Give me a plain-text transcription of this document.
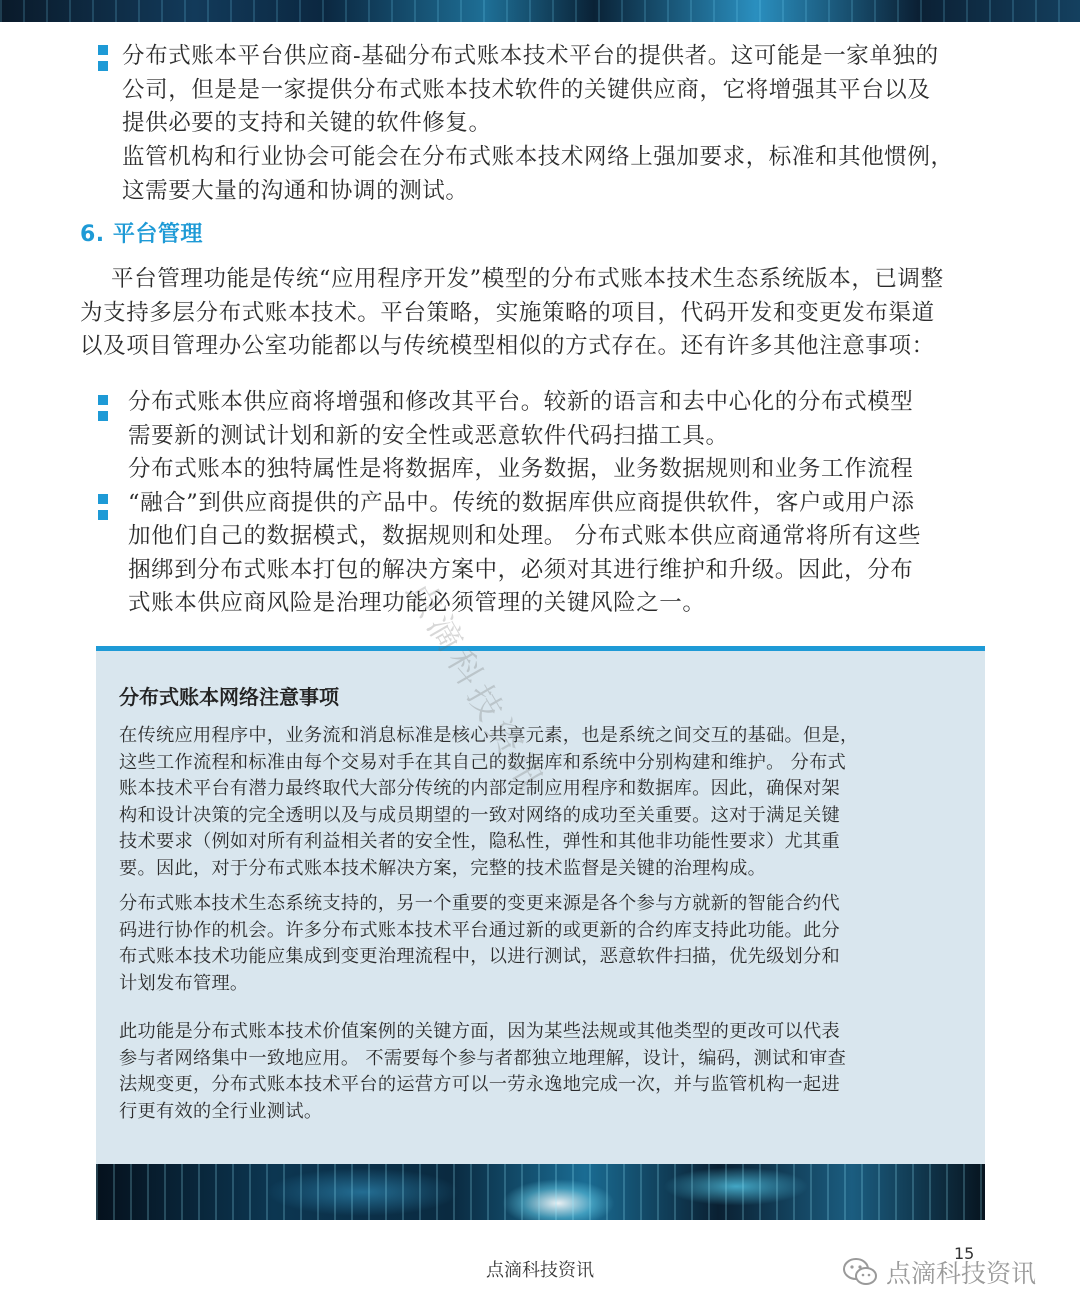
分布式账本平台供应商-基础分布式账本技术平台的提供者。这可能是一家单独的
公司，但是是一家提供分布式账本技术软件的关键供应商，它将增强其平台以及
提供必要的支持和关键的软件修复。

监管机构和行业协会可能会在分布式账本技术网络上强加要求，标准和其他惯例，
这需要大量的沟通和协调的测试。

6. 平台管理

平台管理功能是传统“应用程序开发”模型的分布式账本技术生态系统版本，已调整
为支持多层分布式账本技术。平台策略，实施策略的项目，代码开发和变更发布渠道
以及项目管理办公室功能都以与传统模型相似的方式存在。还有许多其他注意事项：

分布式账本供应商将增强和修改其平台。较新的语言和去中心化的分布式模型
需要新的测试计划和新的安全性或恶意软件代码扫描工具。

分布式账本的独特属性是将数据库，业务数据，业务数据规则和业务工作流程
“融合”到供应商提供的产品中。传统的数据库供应商提供软件，客户或用户添
加他们自己的数据模式，数据规则和处理。 分布式账本供应商通常将所有这些
捆绑到分布式账本打包的解决方案中，必须对其进行维护和升级。因此，分布
式账本供应商风险是治理功能必须管理的关键风险之一。

分布式账本网络注意事项

在传统应用程序中，业务流和消息标准是核心共享元素，也是系统之间交互的基础。但是，
这些工作流程和标准由每个交易对手在其自己的数据库和系统中分别构建和维护。 分布式
账本技术平台有潜力最终取代大部分传统的内部定制应用程序和数据库。因此，确保对架
构和设计决策的完全透明以及与成员期望的一致对网络的成功至关重要。这对于满足关键
技术要求（例如对所有利益相关者的安全性，隐私性，弹性和其他非功能性要求）尤其重
要。因此，对于分布式账本技术解决方案，完整的技术监督是关键的治理构成。

分布式账本技术生态系统支持的，另一个重要的变更来源是各个参与方就新的智能合约代
码进行协作的机会。许多分布式账本技术平台通过新的或更新的合约库支持此功能。此分
布式账本技术功能应集成到变更治理流程中，以进行测试，恶意软件扫描，优先级划分和
计划发布管理。

此功能是分布式账本技术价值案例的关键方面，因为某些法规或其他类型的更改可以代表
参与者网络集中一致地应用。 不需要每个参与者都独立地理解，设计，编码，测试和审查
法规变更，分布式账本技术平台的运营方可以一劳永逸地完成一次，并与监管机构一起进
行更有效的全行业测试。

点滴科技资讯
点滴科技资讯
15
点滴科技资讯
